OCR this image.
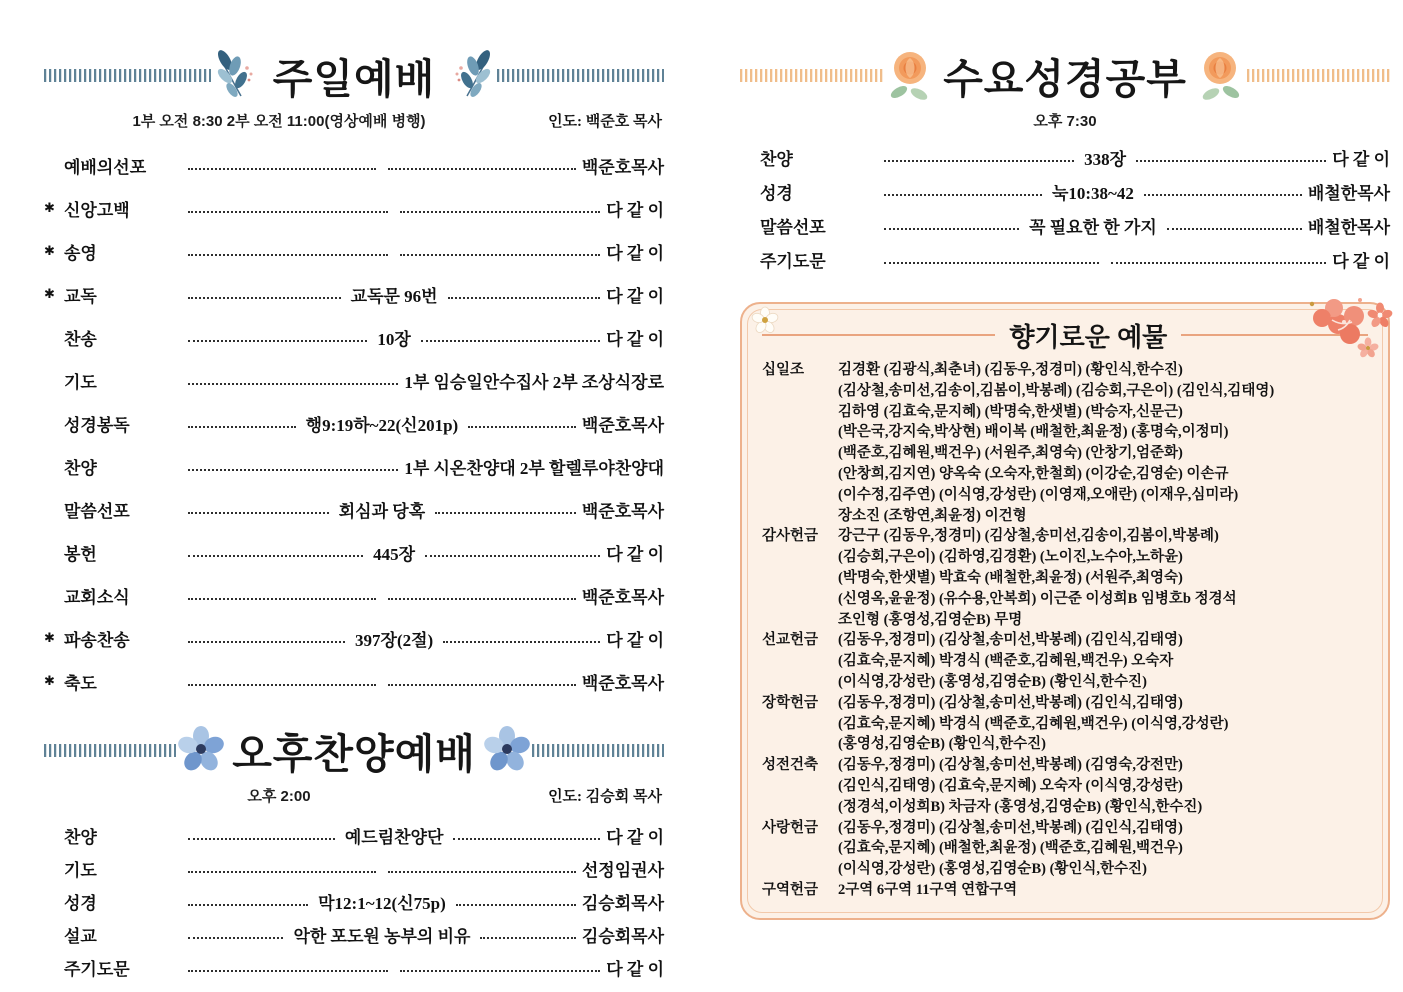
주일예배
1부 오전 8:30 2부 오전 11:00(영상예배 병행)	인도: 백준호 목사
예배의선포	백준호목사
✱ 신앙고백	다 같 이
✱ 송영	다 같 이
✱ 교독	교독문 96번	다 같 이
찬송	10장	다 같 이
기도	1부 임승일안수집사 2부 조상식장로
성경봉독	행9:19하~22(신201p)	백준호목사
찬양	1부 시온찬양대 2부 할렐루야찬양대
말씀선포	회심과 당혹	백준호목사
봉헌	445장	다 같 이
교회소식	백준호목사
✱ 파송찬송	397장(2절)	다 같 이
✱ 축도	백준호목사
오후찬양예배
오후 2:00	인도: 김승회 목사
찬양	예드림찬양단	다 같 이
기도	선정임권사
성경	막12:1~12(신75p)	김승회목사
설교	악한 포도원 농부의 비유	김승회목사
주기도문	다 같 이
수요성경공부
오후 7:30
찬양	338장	다 같 이
성경	눅10:38~42	배철한목사
말씀선포	꼭 필요한 한 가지	배철한목사
주기도문	다 같 이
향기로운 예물
십일조	김경환 (김광식,최춘녀) (김동우,정경미) (황인식,한수진)
(김상철,송미선,김송이,김봄이,박봉례) (김승회,구은이) (김인식,김태영)
김하영 (김효숙,문지혜) (박명숙,한샛별) (박승자,신문근)
(박은국,강지숙,박상현) 배이복 (배철한,최윤정) (홍명숙,이정미)
(백준호,김혜원,백건우) (서원주,최영숙) (안창기,엄준화)
(안창희,김지연) 양옥숙 (오숙자,한철희) (이강순,김영순) 이손규
(이수정,김주연) (이식영,강성란) (이영재,오애란) (이재우,심미라)
장소진 (조항연,최윤정) 이건형
감사헌금	강근구 (김동우,정경미) (김상철,송미선,김송이,김봄이,박봉례)
(김승회,구은이) (김하영,김경환) (노이진,노수아,노하윤)
(박명숙,한샛별) 박효숙 (배철한,최윤정) (서원주,최영숙)
(신영옥,윤윤정) (유수용,안복희) 이근준 이성희B 임병호b 정경석
조인형 (홍영성,김영순B) 무명
선교헌금	(김동우,정경미) (김상철,송미선,박봉례) (김인식,김태영)
(김효숙,문지혜) 박경식 (백준호,김혜원,백건우) 오숙자
(이식영,강성란) (홍영성,김영순B) (황인식,한수진)
장학헌금	(김동우,정경미) (김상철,송미선,박봉례) (김인식,김태영)
(김효숙,문지혜) 박경식 (백준호,김혜원,백건우) (이식영,강성란)
(홍영성,김영순B) (황인식,한수진)
성전건축	(김동우,정경미) (김상철,송미선,박봉례) (김영숙,강전만)
(김인식,김태영) (김효숙,문지혜) 오숙자 (이식영,강성란)
(정경석,이성희B) 차금자 (홍영성,김영순B) (황인식,한수진)
사랑헌금	(김동우,정경미) (김상철,송미선,박봉례) (김인식,김태영)
(김효숙,문지혜) (배철한,최윤정) (백준호,김혜원,백건우)
(이식영,강성란) (홍영성,김영순B) (황인식,한수진)
구역헌금	2구역 6구역 11구역 연합구역
